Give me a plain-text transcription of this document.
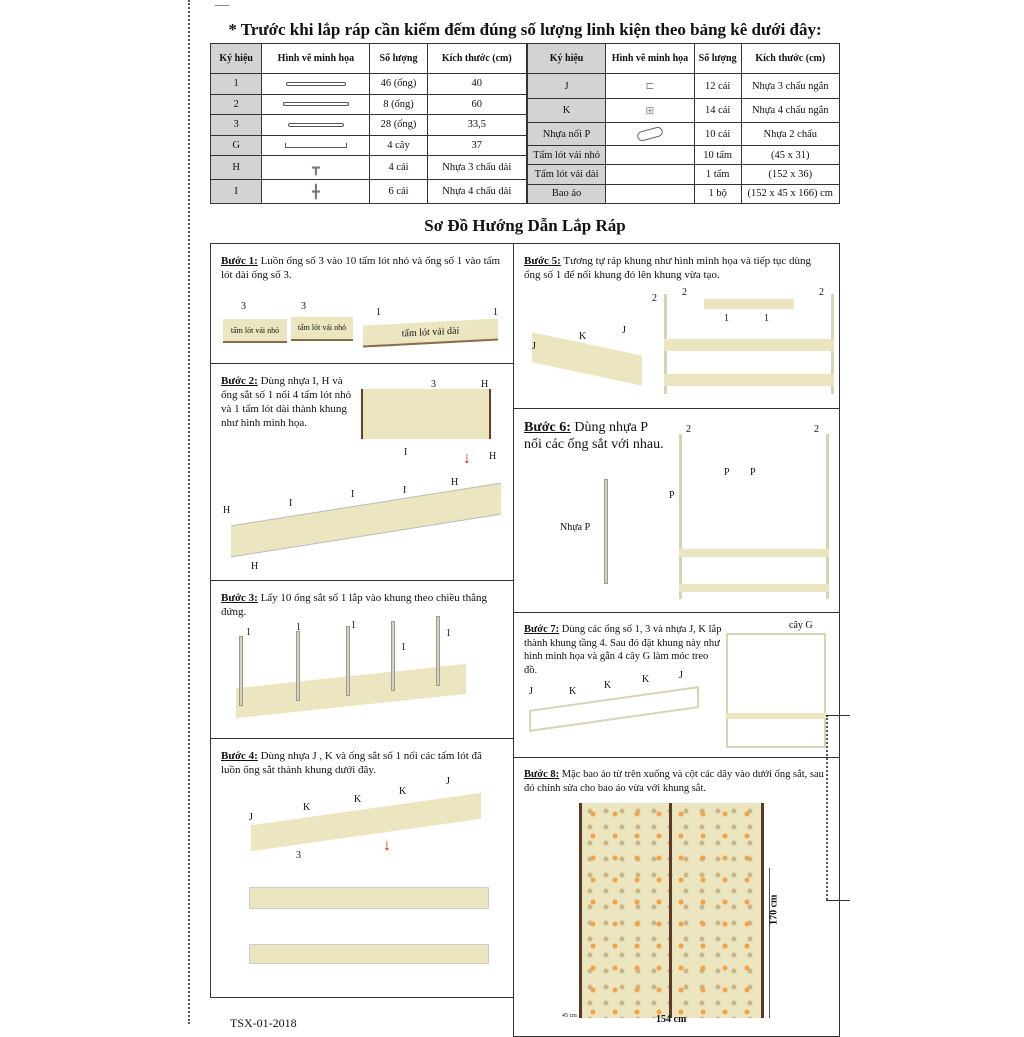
* Trước khi lắp ráp cần kiểm đếm đúng số lượng linh kiện theo bảng kê dưới đây:
Ký hiệu	Hình vẽ minh họa	Số lượng	Kích thước (cm)
1		46 (ống)	40
2		8 (ống)	60
3		28 (ống)	33,5
G		4 cây	37
H	┳	4 cái	Nhựa 3 chấu dài
I	╋	6 cái	Nhựa 4 chấu dài
Ký hiệu	Hình vẽ minh họa	Số lượng	Kích thước (cm)
J	⊏	12 cái	Nhựa 3 chấu ngắn
K	⊞	14 cái	Nhựa 4 chấu ngắn
Nhựa nối P		10 cái	Nhựa 2 chấu
Tấm lót vải nhỏ		10 tấm	(45 x 31)
Tấm lót vải dài		1 tấm	(152 x 36)
Bao áo		1 bộ	(152 x 45 x 166) cm
Sơ Đồ Hướng Dẫn Lắp Ráp
Bước 1: Luồn ống số 3 vào 10 tấm lót nhỏ và ống số 1 vào tấm lót dài ống số 3.
tấm lót vải nhỏ	tấm lót vải nhỏ	tấm lót vải dài
3	3
1	1
Bước 2: Dùng nhựa I, H và ống sắt số 1 nối 4 tấm lót nhỏ và 1 tấm lót dài thành khung như hình minh họa.
↓
3	H
I	H
H
I
I	I
H
H
Bước 3: Lấy 10 ống sắt số 1 lắp vào khung theo chiều thẳng đứng.
1	1	1
1
1
Bước 4: Dùng nhựa J , K và ống sắt số 1 nối các tấm lót đã luồn ống sắt thành khung dưới đây.
↓
J
K
K
K
J
3
TSX-01-2018
Bước 5: Tương tự ráp khung như hình minh họa và tiếp tục dùng ống số 1 để nối khung đó lên khung vừa tạo.
2
2	2
1	1
J
K
J
Bước 6: Dùng nhựa P nối các ống sắt với nhau.
Nhựa P
P P
P
2	2
Bước 7: Dùng các ống số 1, 3 và nhựa J, K lắp thành khung tầng 4. Sau đó đặt khung này như hình minh họa và gắn 4 cây G làm móc treo đồ.
cây G
J	K
K
K	J
Bước 8: Mặc bao áo từ trên xuống và cột các dây vào dưới ống sắt, sau đó chỉnh sửa cho bao áo vừa với khung sắt.
170 cm
154 cm
45 cm
